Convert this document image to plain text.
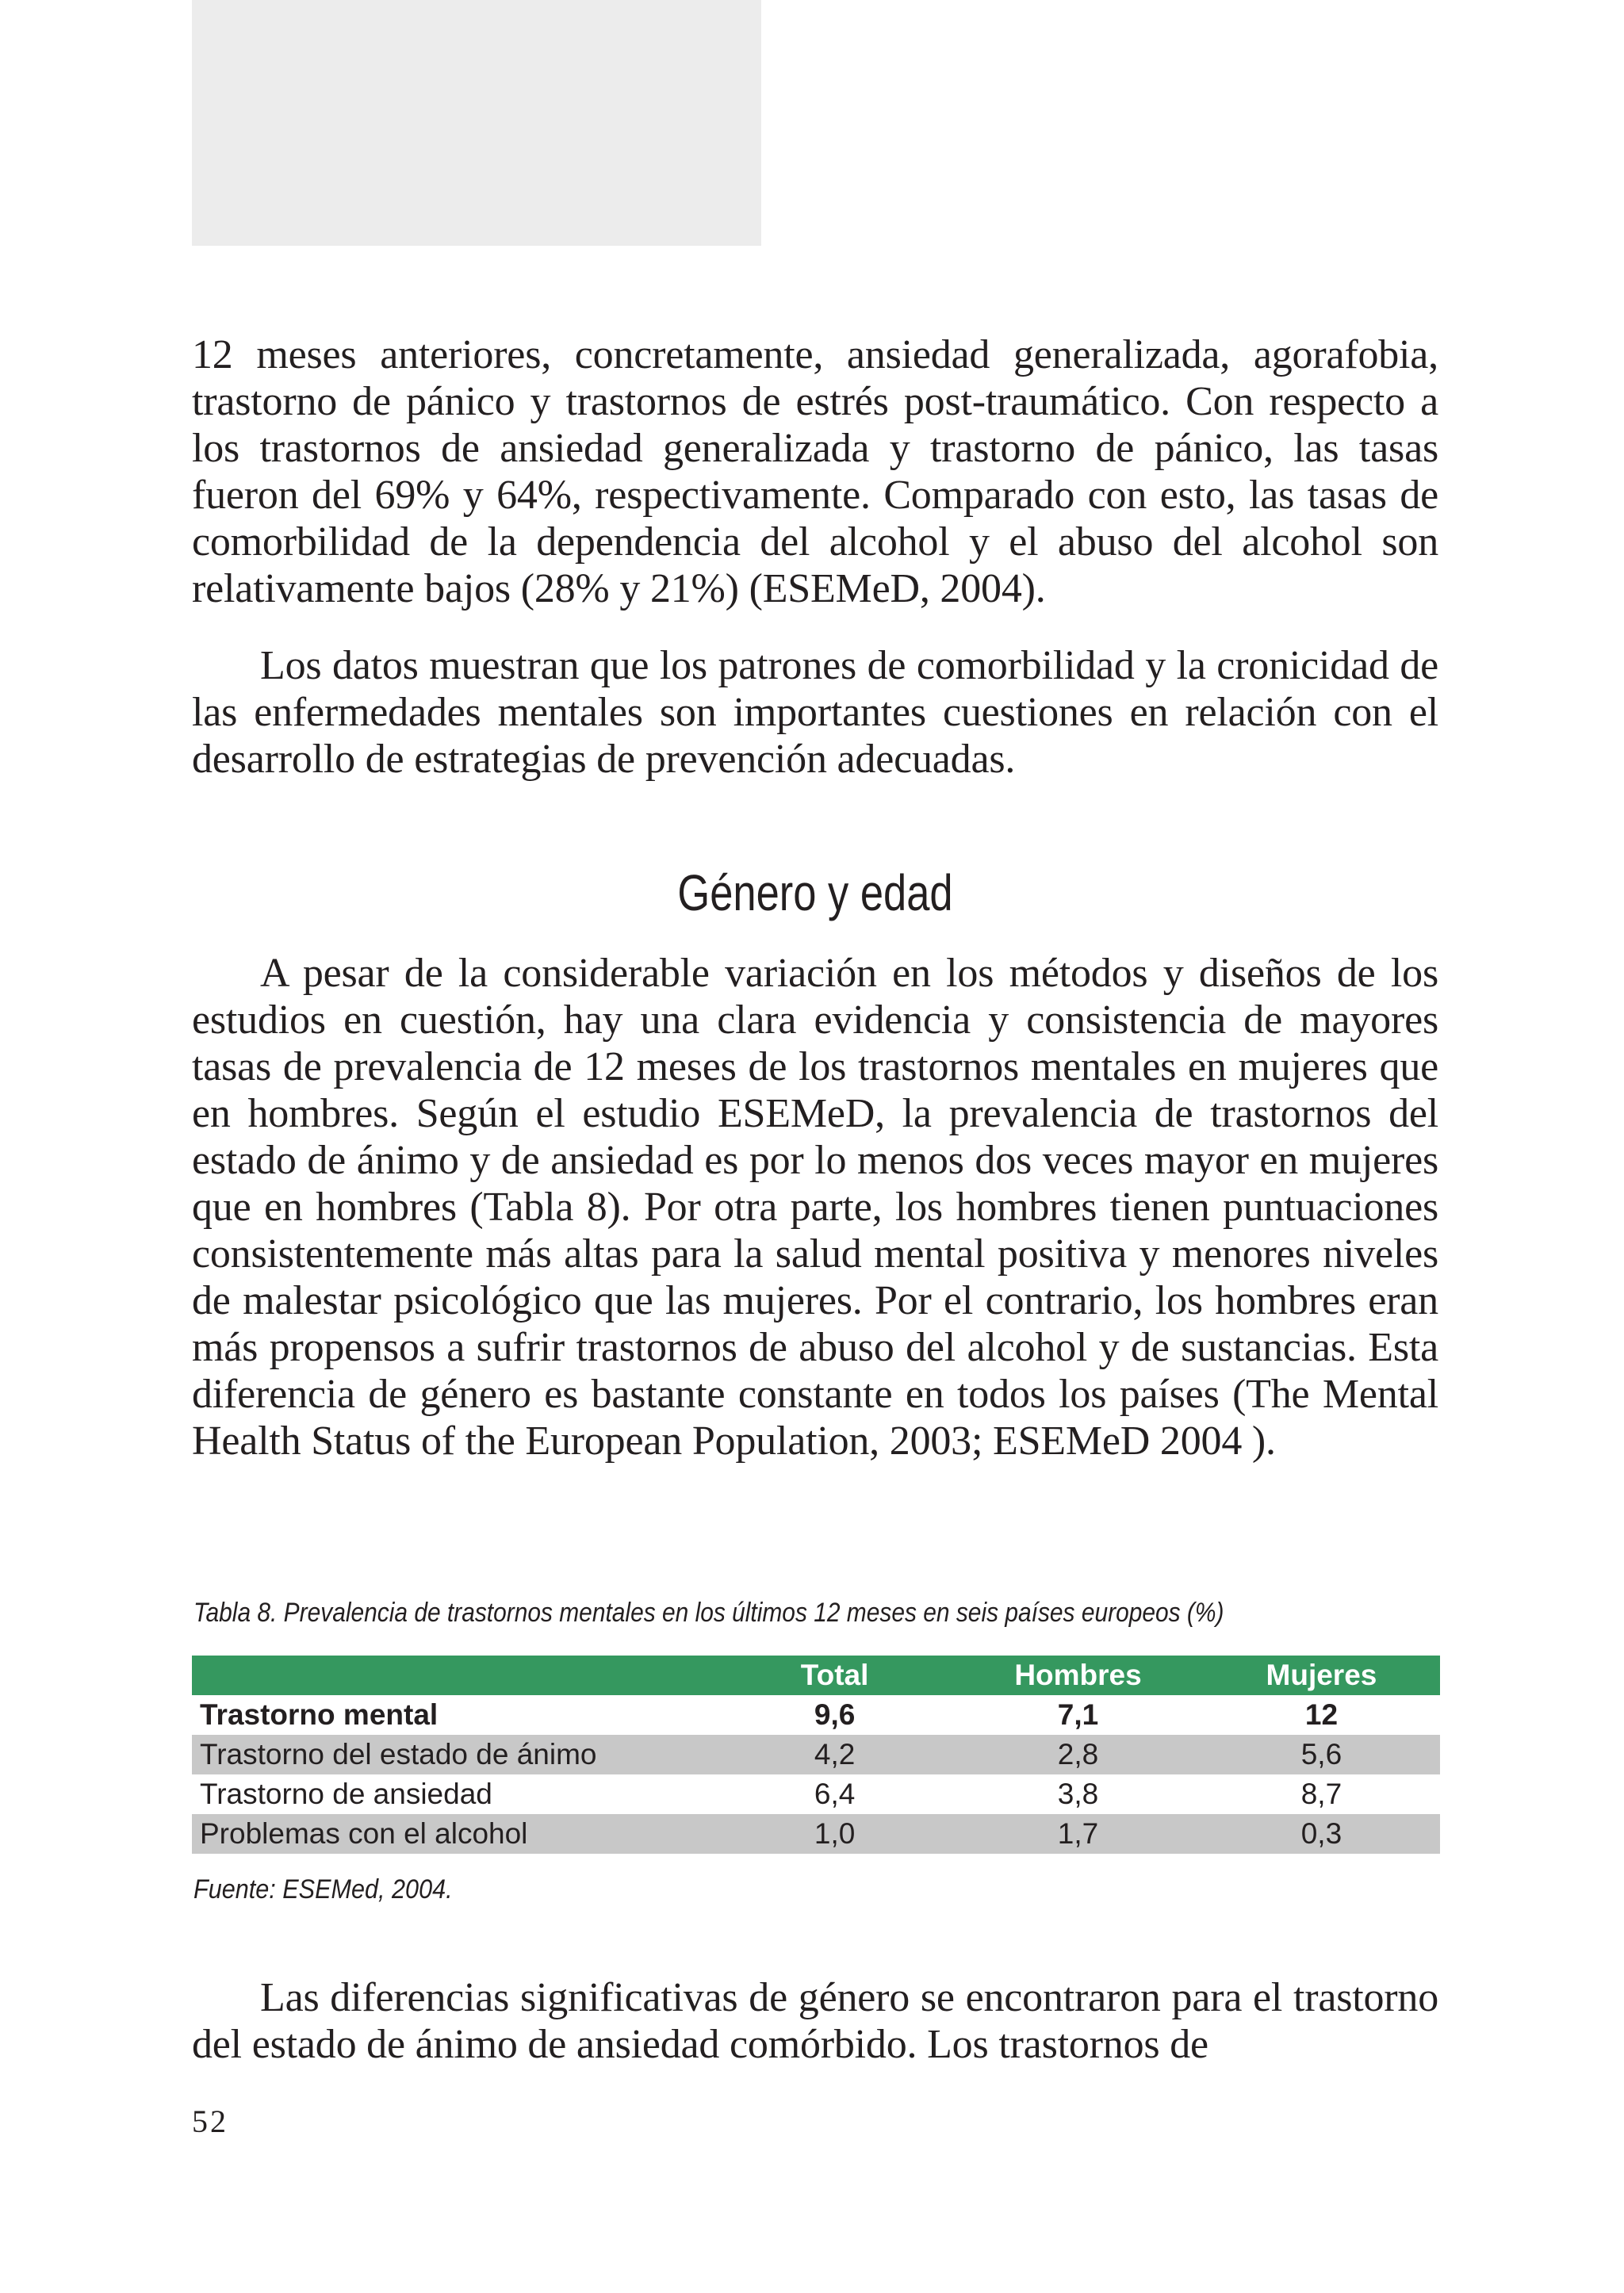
12 meses anteriores, concretamente, ansiedad generalizada, agorafobia, trastorno de pánico y trastornos de estrés post-traumático. Con respecto a los trastornos de ansiedad generalizada y trastorno de pánico, las tasas fueron del 69% y 64%, respectivamente. Comparado con esto, las tasas de comorbilidad de la dependencia del alcohol y el abuso del alcohol son relativamente bajos (28% y 21%) (ESEMeD, 2004).

Los datos muestran que los patrones de comorbilidad y la cronicidad de las enfermedades mentales son importantes cuestiones en relación con el desarrollo de estrategias de prevención adecuadas.

Género y edad

A pesar de la considerable variación en los métodos y diseños de los estudios en cuestión, hay una clara evidencia y consistencia de mayores tasas de prevalencia de 12 meses de los trastornos mentales en mujeres que en hombres. Según el estudio ESEMeD, la prevalencia de trastornos del estado de ánimo y de ansiedad es por lo menos dos veces mayor en mujeres que en hombres (Tabla 8). Por otra parte, los hombres tienen puntuaciones consistentemente más altas para la salud mental positiva y menores niveles de malestar psicológico que las mujeres. Por el contrario, los hombres eran más propensos a sufrir trastornos de abuso del alcohol y de sustancias. Esta diferencia de género es bastante constante en todos los países (The Mental Health Status of the European Population, 2003; ESEMeD 2004 ).

Tabla 8. Prevalencia de trastornos mentales en los últimos 12 meses en seis países europeos (%)
	Total	Hombres	Mujeres
Trastorno mental	9,6	7,1	12
Trastorno del estado de ánimo	4,2	2,8	5,6
Trastorno de ansiedad	6,4	3,8	8,7
Problemas con el alcohol	1,0	1,7	0,3
Fuente: ESEMed, 2004.

Las diferencias significativas de género se encontraron para el trastorno del estado de ánimo de ansiedad comórbido. Los trastornos de

52
